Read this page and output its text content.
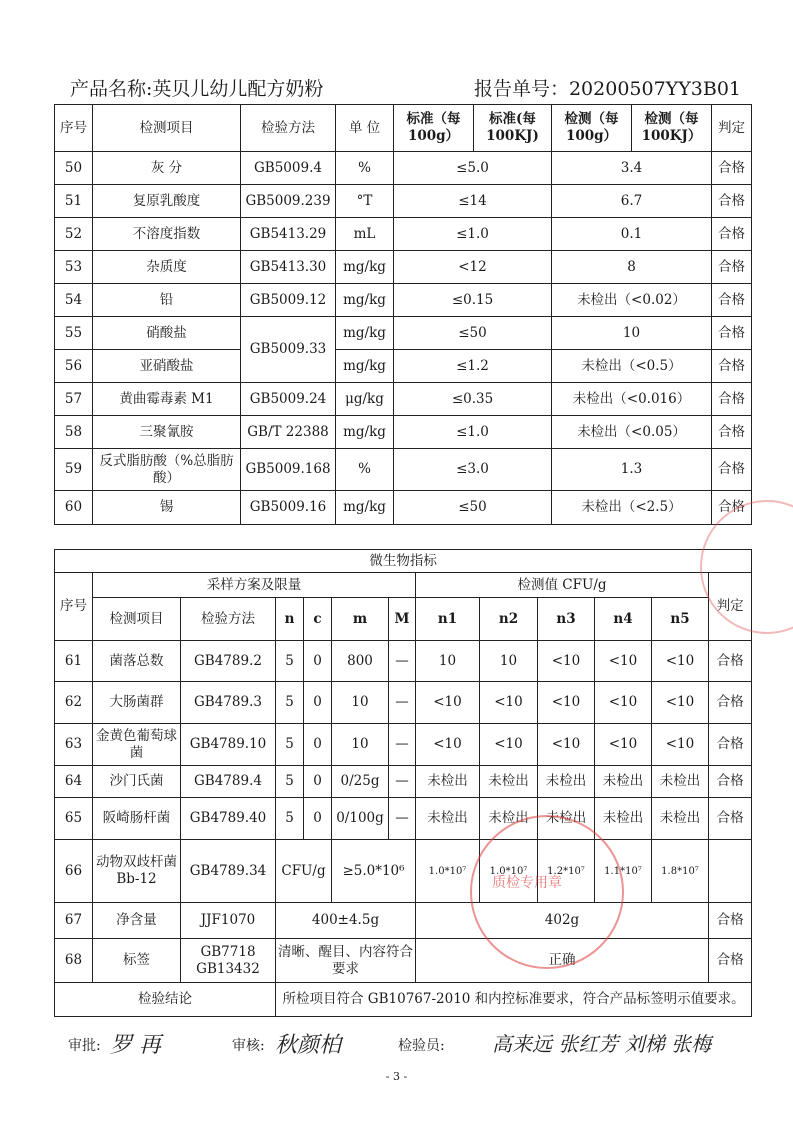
产品名称:英贝儿幼儿配方奶粉	报告单号：20200507YY3B01
序号	检测项目	检验方法	单 位	标准（每100g）	标准(每100KJ)	检测（每100g）	检测（每100KJ）	判定
50	灰 分	GB5009.4	%	≤5.0		3.4		合格
51	复原乳酸度	GB5009.239	°T	≤14		6.7		合格
52	不溶度指数	GB5413.29	mL	≤1.0		0.1		合格
53	杂质度	GB5413.30	mg/kg	<12		8		合格
54	铅	GB5009.12	mg/kg	≤0.15		未检出（<0.02）		合格
55	硝酸盐	GB5009.33	mg/kg	≤50		10		合格
56	亚硝酸盐		mg/kg	≤1.2		未检出（<0.5）		合格
57	黄曲霉毒素 M1	GB5009.24	μg/kg	≤0.35		未检出（<0.016）		合格
58	三聚氰胺	GB/T 22388	mg/kg	≤1.0		未检出（<0.05）		合格
59	反式脂肪酸（%总脂肪酸）	GB5009.168	%	≤3.0		1.3		合格
60	锡	GB5009.16	mg/kg	≤50		未检出（<2.5）		合格
微生物指标												
序号	采样方案及限量						检测值 CFU/g					判定
	检测项目	检验方法	n	c	m	M	n1	n2	n3	n4	n5	
61	菌落总数	GB4789.2	5	0	800	—	10	10	<10	<10	<10	合格
62	大肠菌群	GB4789.3	5	0	10	—	<10	<10	<10	<10	<10	合格
63	金黄色葡萄球菌	GB4789.10	5	0	10	—	<10	<10	<10	<10	<10	合格
64	沙门氏菌	GB4789.4	5	0	0/25g	—	未检出	未检出	未检出	未检出	未检出	合格
65	阪崎肠杆菌	GB4789.40	5	0	0/100g	—	未检出	未检出	未检出	未检出	未检出	合格
66	动物双歧杆菌 Bb-12	GB4789.34	CFU/g		≥5.0*10⁶		1.0*10⁷	1.0*10⁷	1.2*10⁷	1.1*10⁷	1.8*10⁷	
67	净含量	JJF1070	400±4.5g				402g					合格
68	标签	GB7718 GB13432	清晰、醒目、内容符合要求				正确					合格
检验结论			所检项目符合 GB10767-2010 和内控标准要求，符合产品标签明示值要求。									
质检专用章
审批: 罗 再	审核: 秋颜柏	检验员: 高来远 张红芳 刘梯 张梅
- 3 -
